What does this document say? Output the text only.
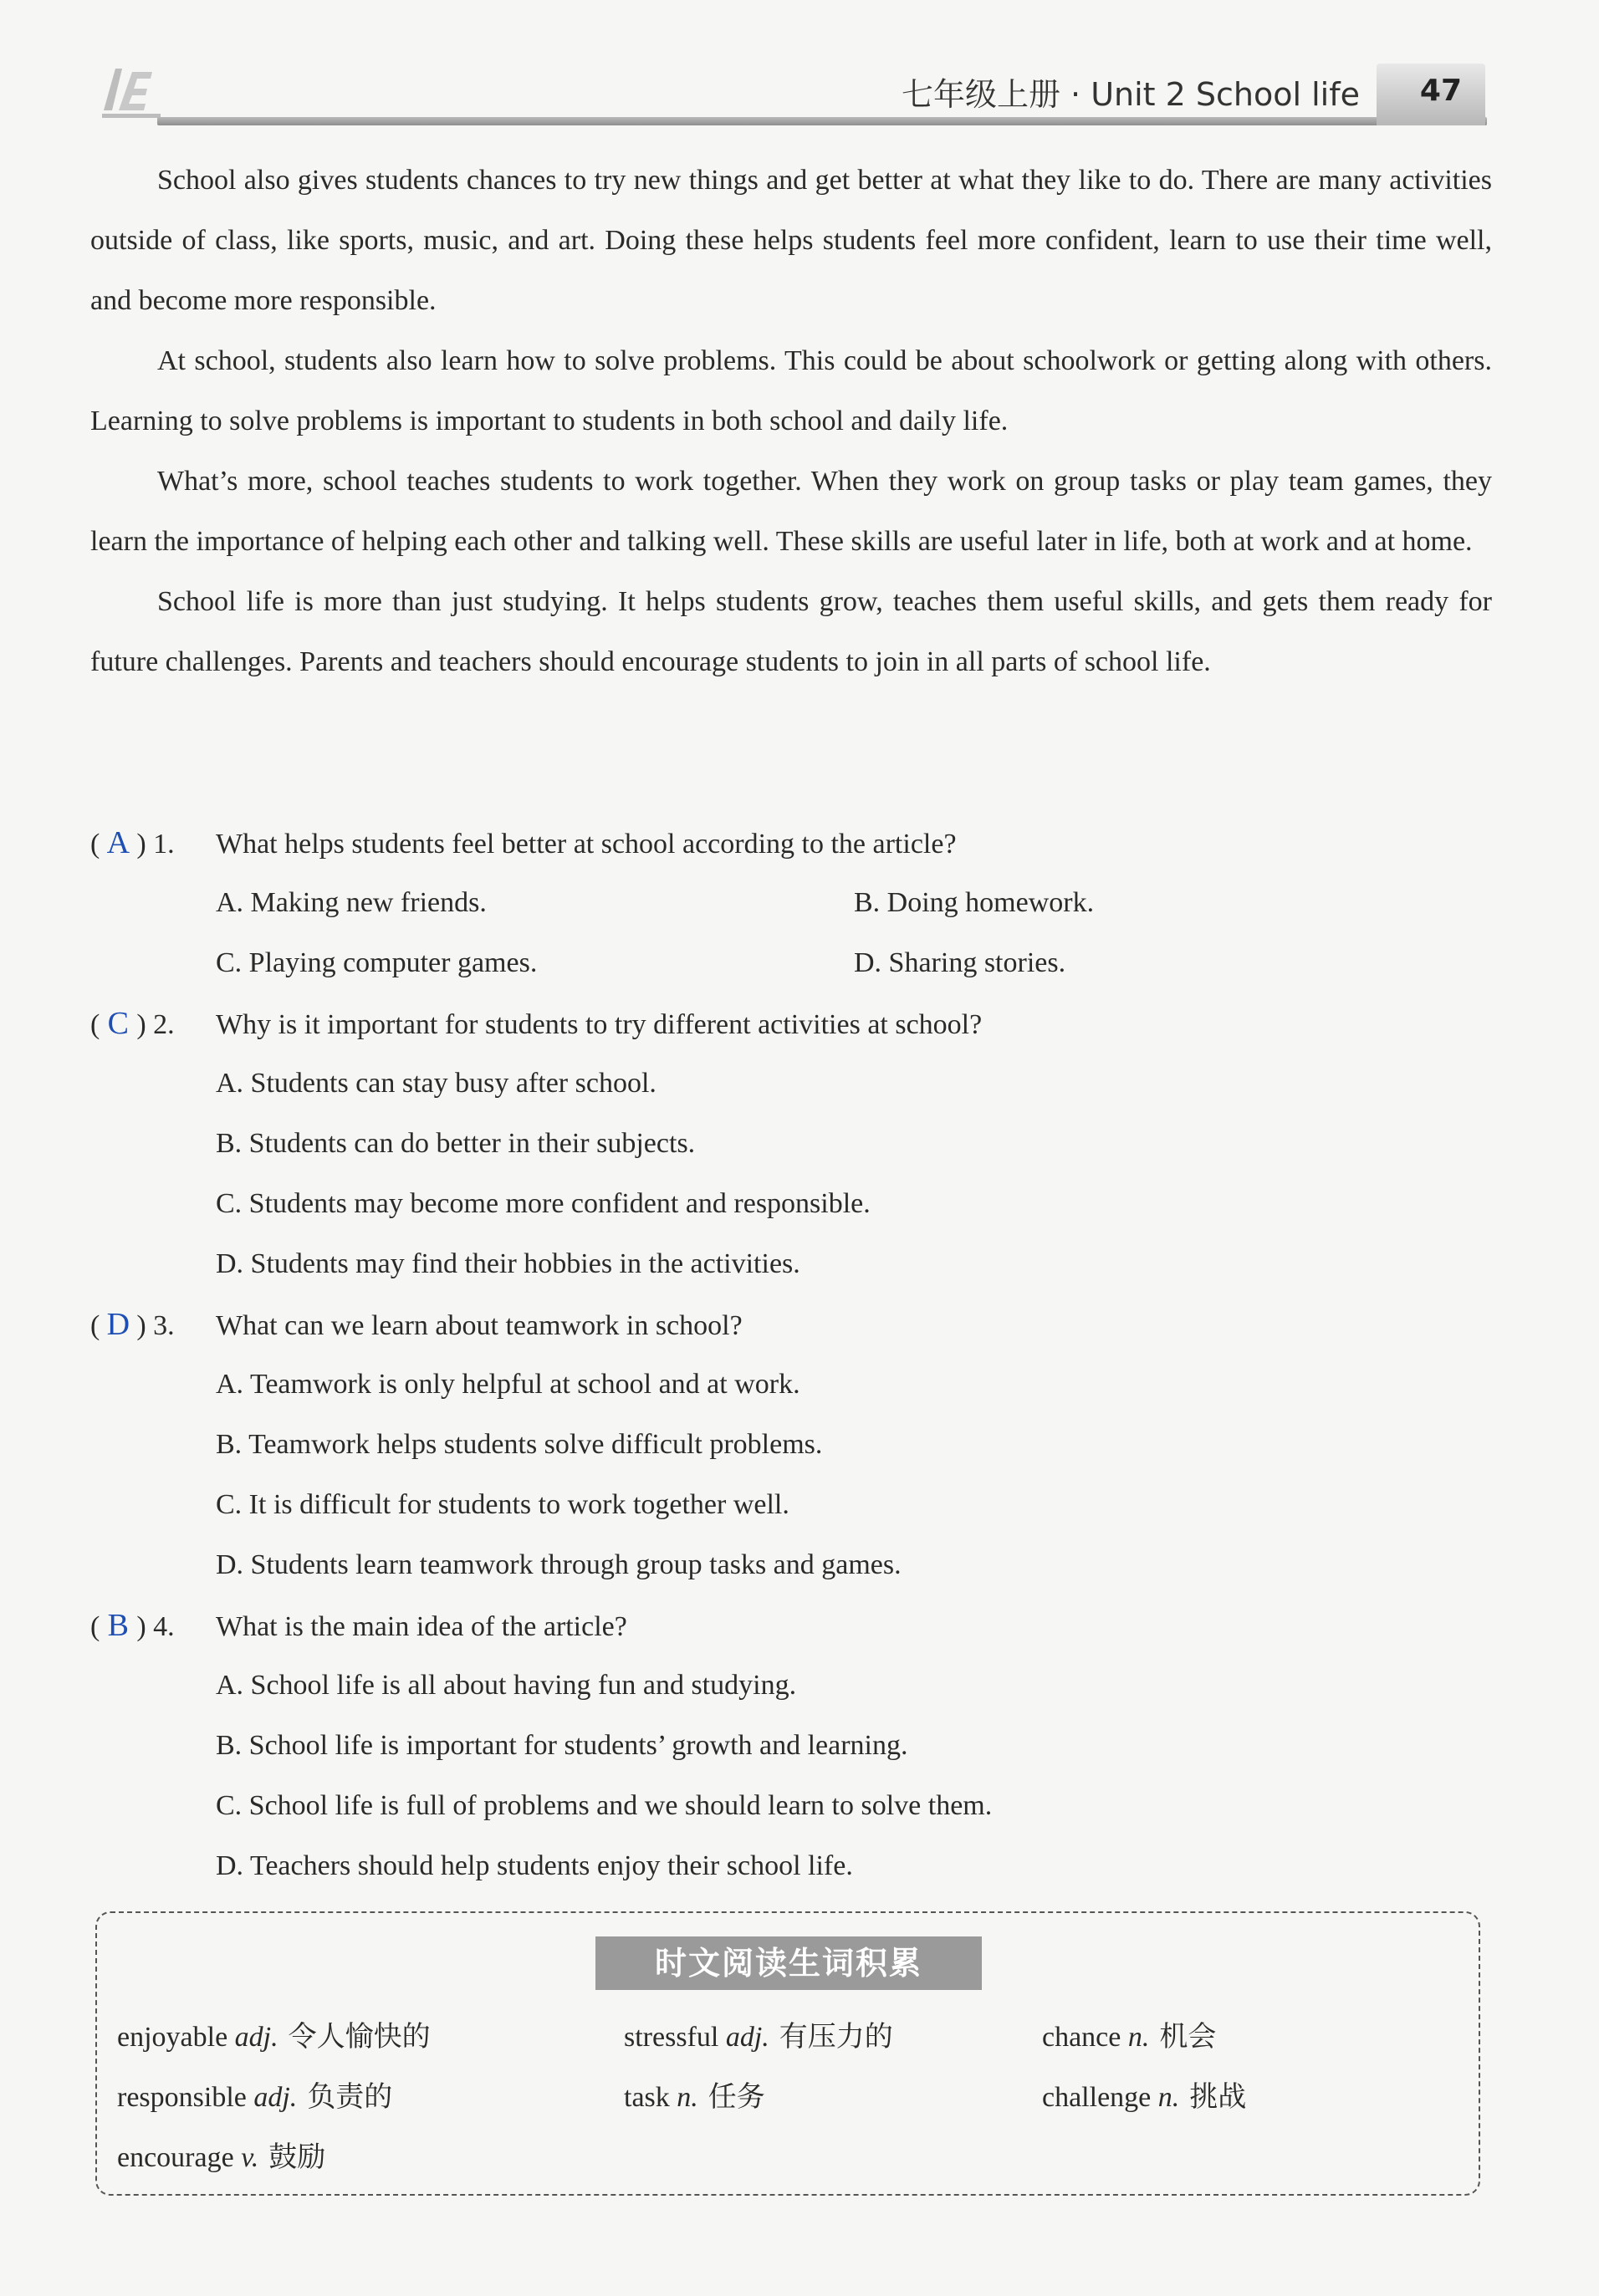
七年级上册 · Unit 2 School life 47

School also gives students chances to try new things and get better at what they like to do. There are many activities outside of class, like sports, music, and art. Doing these helps students feel more confident, learn to use their time well, and become more responsible.

At school, students also learn how to solve problems. This could be about schoolwork or getting along with others. Learning to solve problems is important to students in both school and daily life.

What’s more, school teaches students to work together. When they work on group tasks or play team games, they learn the importance of helping each other and talking well. These skills are useful later in life, both at work and at home.

School life is more than just studying. It helps students grow, teaches them useful skills, and gets them ready for future challenges. Parents and teachers should encourage students to join in all parts of school life.

( A ) 1. What helps students feel better at school according to the article?
A. Making new friends.	B. Doing homework.
C. Playing computer games.	D. Sharing stories.
( C ) 2. Why is it important for students to try different activities at school?
A. Students can stay busy after school.
B. Students can do better in their subjects.
C. Students may become more confident and responsible.
D. Students may find their hobbies in the activities.
( D ) 3. What can we learn about teamwork in school?
A. Teamwork is only helpful at school and at work.
B. Teamwork helps students solve difficult problems.
C. It is difficult for students to work together well.
D. Students learn teamwork through group tasks and games.
( B ) 4. What is the main idea of the article?
A. School life is all about having fun and studying.
B. School life is important for students’ growth and learning.
C. School life is full of problems and we should learn to solve them.
D. Teachers should help students enjoy their school life.
时文阅读生词积累
enjoyable adj. 令人愉快的	stressful adj. 有压力的	chance n. 机会
responsible adj. 负责的	task n. 任务	challenge n. 挑战
encourage v. 鼓励
